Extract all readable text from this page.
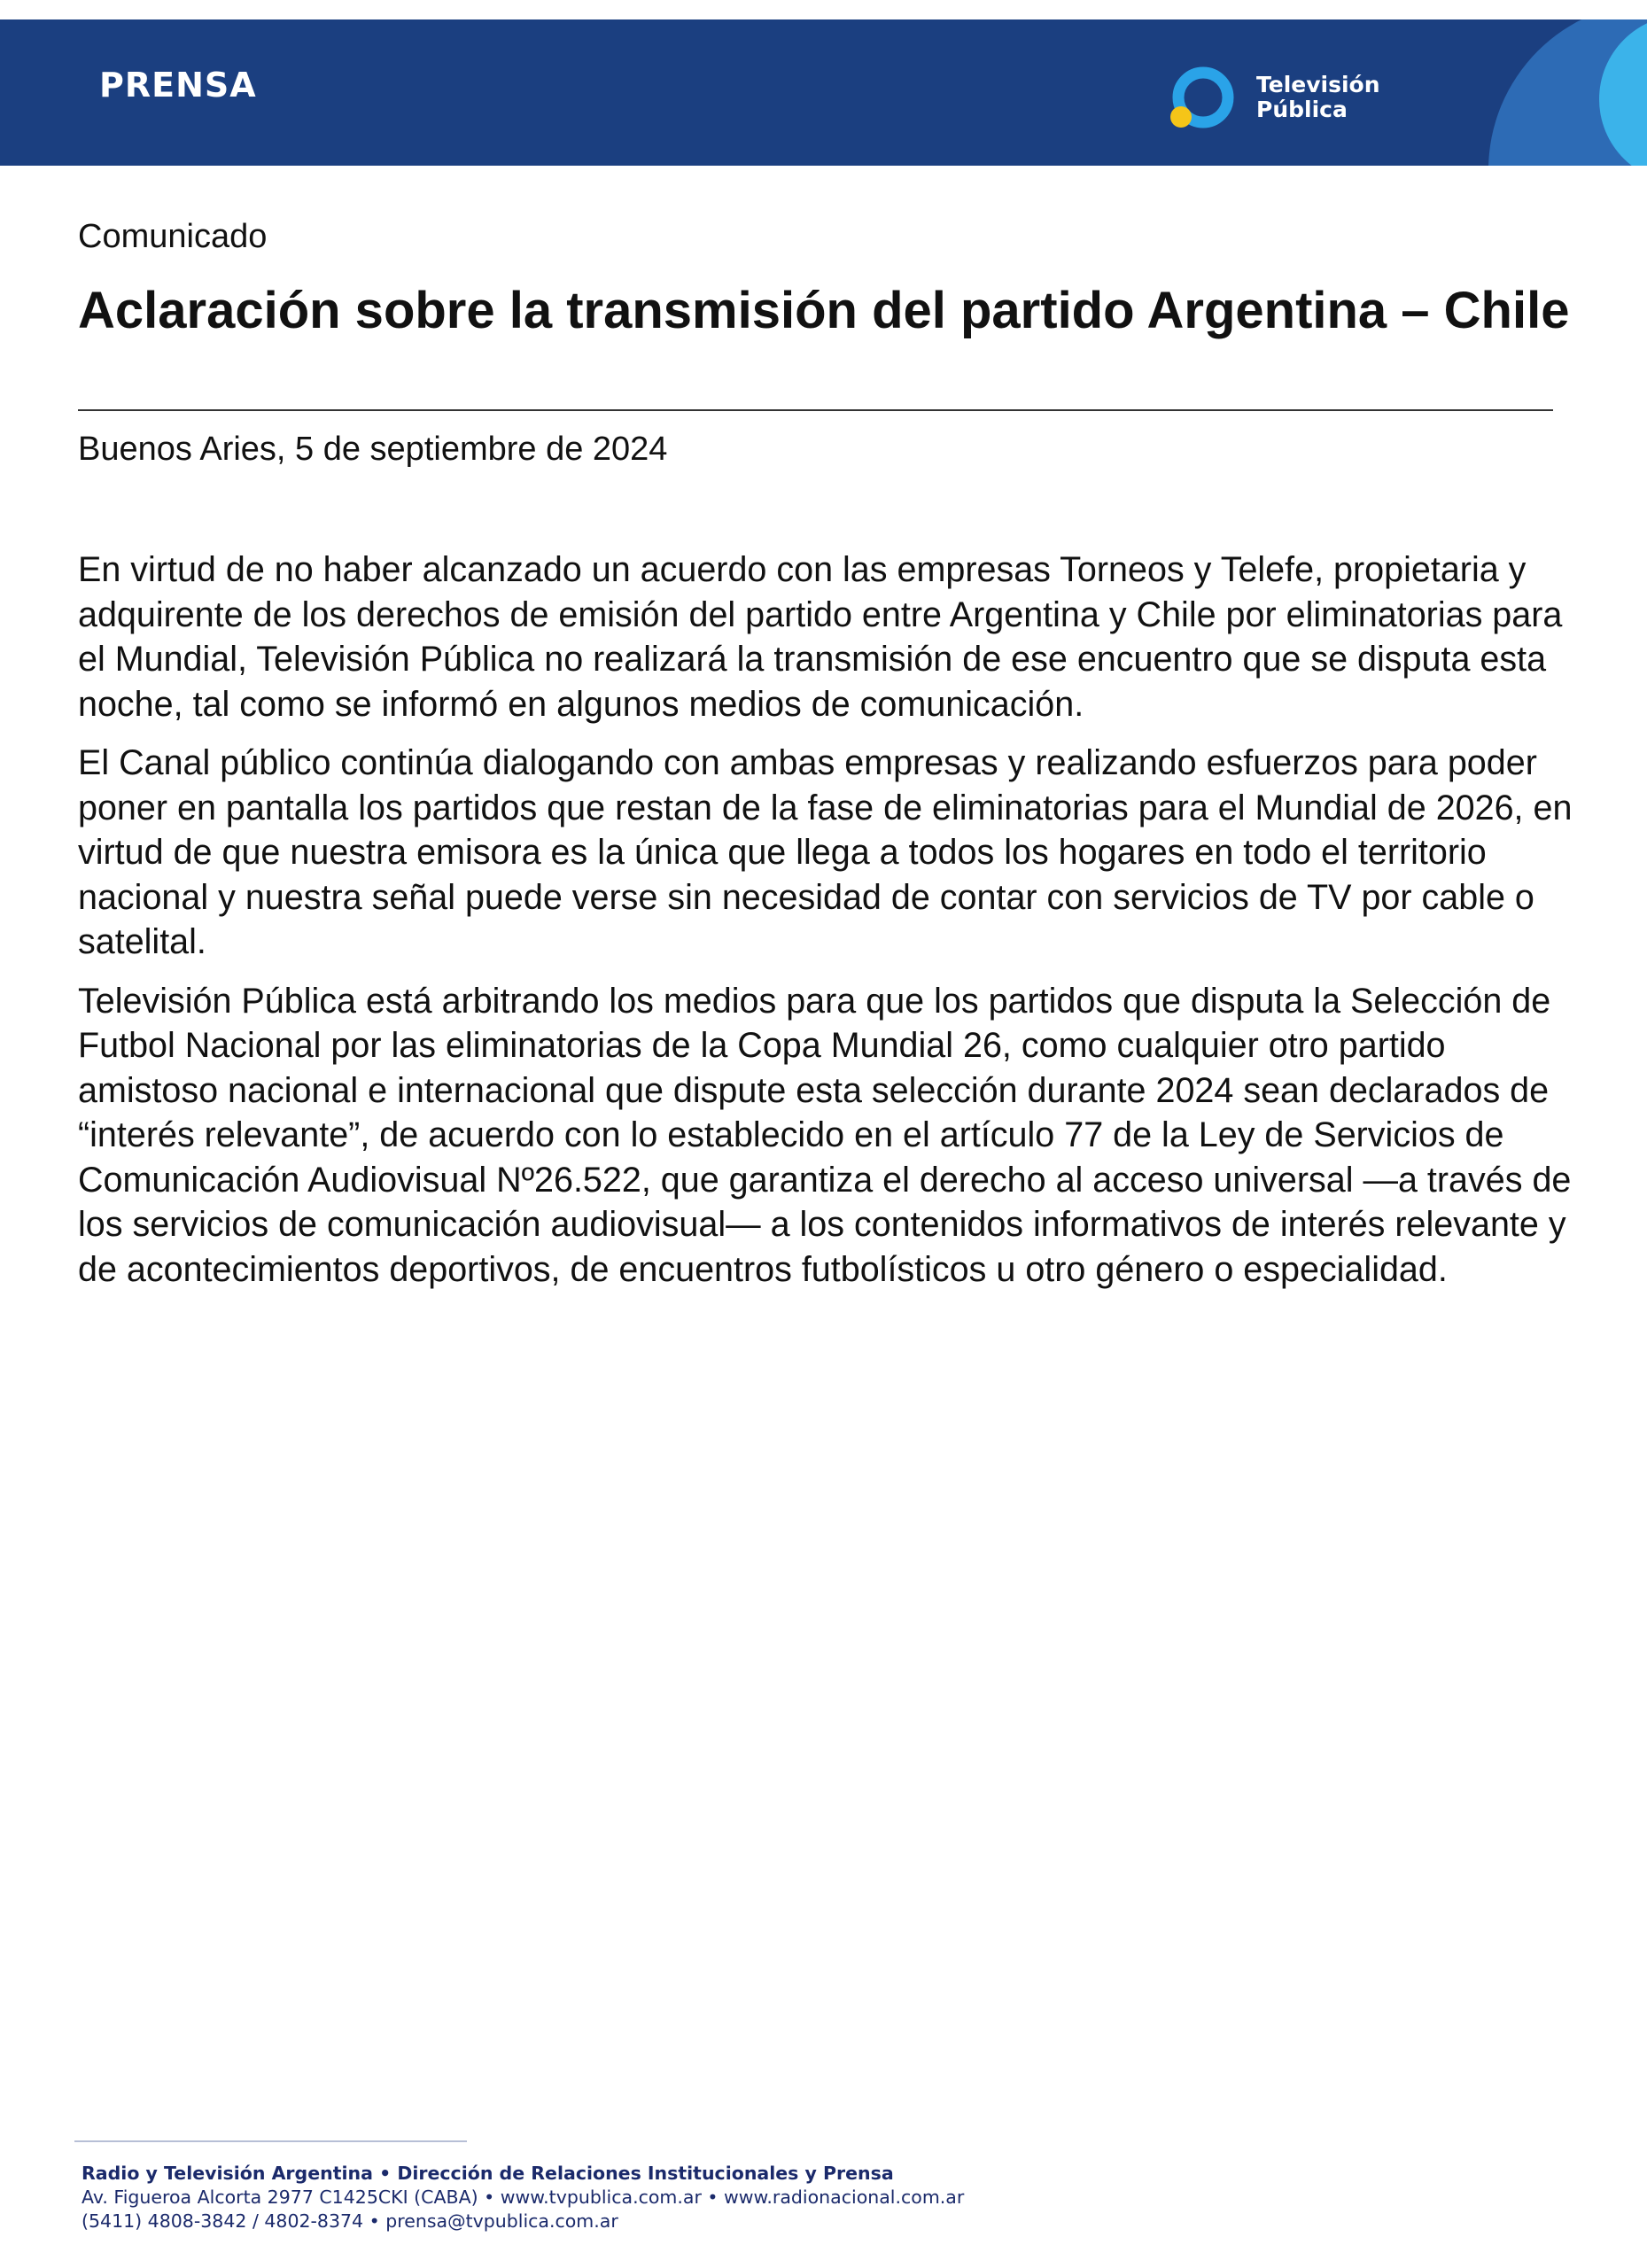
PRENSA	Televisión
Pública
Comunicado
Aclaración sobre la transmisión del partido Argentina – Chile
Buenos Aries, 5 de septiembre de 2024

En virtud de no haber alcanzado un acuerdo con las empresas Torneos y Telefe, propietaria y adquirente de los derechos de emisión del partido entre Argentina y Chile por eliminatorias para el Mundial, Televisión Pública no realizará la transmisión de ese encuentro que se disputa esta noche, tal como se informó en algunos medios de comunicación.

El Canal público continúa dialogando con ambas empresas y realizando esfuerzos para poder poner en pantalla los partidos que restan de la fase de eliminatorias para el Mundial de 2026, en virtud de que nuestra emisora es la única que llega a todos los hogares en todo el territorio nacional y nuestra señal puede verse sin necesidad de contar con servicios de TV por cable o satelital.

Televisión Pública está arbitrando los medios para que los partidos que disputa la Selección de Futbol Nacional por las eliminatorias de la Copa Mundial 26, como cualquier otro partido amistoso nacional e internacional que dispute esta selección durante 2024 sean declarados de “interés relevante”, de acuerdo con lo establecido en el artículo 77 de la Ley de Servicios de Comunicación Audiovisual Nº26.522, que garantiza el derecho al acceso universal —a través de los servicios de comunicación audiovisual— a los contenidos informativos de interés relevante y de acontecimientos deportivos, de encuentros futbolísticos u otro género o especialidad.

Radio y Televisión Argentina • Dirección de Relaciones Institucionales y Prensa
Av. Figueroa Alcorta 2977 C1425CKI (CABA) • www.tvpublica.com.ar • www.radionacional.com.ar
(5411) 4808-3842 / 4802-8374 • prensa@tvpublica.com.ar
